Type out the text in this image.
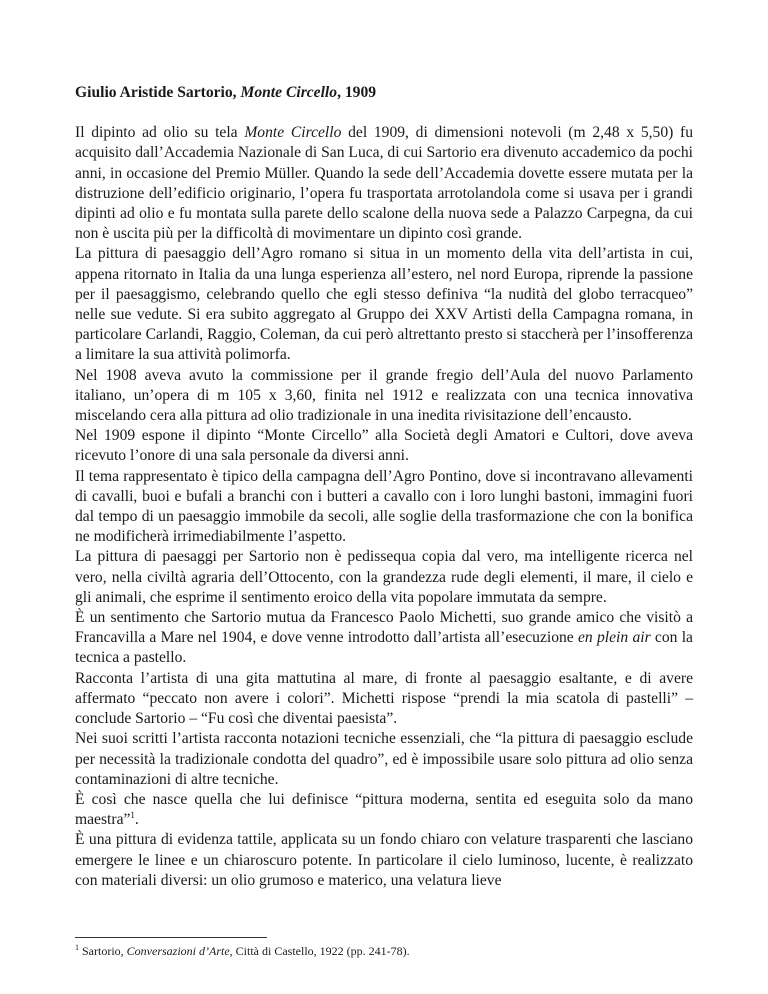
Giulio Aristide Sartorio, Monte Circello, 1909

Il dipinto ad olio su tela Monte Circello del 1909, di dimensioni notevoli (m 2,48 x 5,50) fu acquisito dall’Accademia Nazionale di San Luca, di cui Sartorio era divenuto accademico da pochi anni, in occasione del Premio Müller. Quando la sede dell’Accademia dovette essere mutata per la distruzione dell’edificio originario, l’opera fu trasportata arrotolandola come si usava per i grandi dipinti ad olio e fu montata sulla parete dello scalone della nuova sede a Palazzo Carpegna, da cui non è uscita più per la difficoltà di movimentare un dipinto così grande.

La pittura di paesaggio dell’Agro romano si situa in un momento della vita dell’artista in cui, appena ritornato in Italia da una lunga esperienza all’estero, nel nord Europa, riprende la passione per il paesaggismo, celebrando quello che egli stesso definiva “la nudità del globo terracqueo” nelle sue vedute. Si era subito aggregato al Gruppo dei XXV Artisti della Campagna romana, in particolare Carlandi, Raggio, Coleman, da cui però altrettanto presto si staccherà per l’insofferenza a limitare la sua attività polimorfa.

Nel 1908 aveva avuto la commissione per il grande fregio dell’Aula del nuovo Parlamento italiano, un’opera di m 105 x 3,60, finita nel 1912 e realizzata con una tecnica innovativa miscelando cera alla pittura ad olio tradizionale in una inedita rivisitazione dell’encausto.

Nel 1909 espone il dipinto “Monte Circello” alla Società degli Amatori e Cultori, dove aveva ricevuto l’onore di una sala personale da diversi anni.

Il tema rappresentato è tipico della campagna dell’Agro Pontino, dove si incontravano allevamenti di cavalli, buoi e bufali a branchi con i butteri a cavallo con i loro lunghi bastoni, immagini fuori dal tempo di un paesaggio immobile da secoli, alle soglie della trasformazione che con la bonifica ne modificherà irrimediabilmente l’aspetto.

La pittura di paesaggi per Sartorio non è pedissequa copia dal vero, ma intelligente ricerca nel vero, nella civiltà agraria dell’Ottocento, con la grandezza rude degli elementi, il mare, il cielo e gli animali, che esprime il sentimento eroico della vita popolare immutata da sempre.

È un sentimento che Sartorio mutua da Francesco Paolo Michetti, suo grande amico che visitò a Francavilla a Mare nel 1904, e dove venne introdotto dall’artista all’esecuzione en plein air con la tecnica a pastello.

Racconta l’artista di una gita mattutina al mare, di fronte al paesaggio esaltante, e di avere affermato “peccato non avere i colori”. Michetti rispose “prendi la mia scatola di pastelli” – conclude Sartorio – “Fu così che diventai paesista”.

Nei suoi scritti l’artista racconta notazioni tecniche essenziali, che “la pittura di paesaggio esclude per necessità la tradizionale condotta del quadro”, ed è impossibile usare solo pittura ad olio senza contaminazioni di altre tecniche.

È così che nasce quella che lui definisce “pittura moderna, sentita ed eseguita solo da mano maestra”$^1$.

È una pittura di evidenza tattile, applicata su un fondo chiaro con velature trasparenti che lasciano emergere le linee e un chiaroscuro potente. In particolare il cielo luminoso, lucente, è realizzato con materiali diversi: un olio grumoso e materico, una velatura lieve

$^1$ Sartorio, Conversazioni d’Arte, Città di Castello, 1922 (pp. 241-78).
